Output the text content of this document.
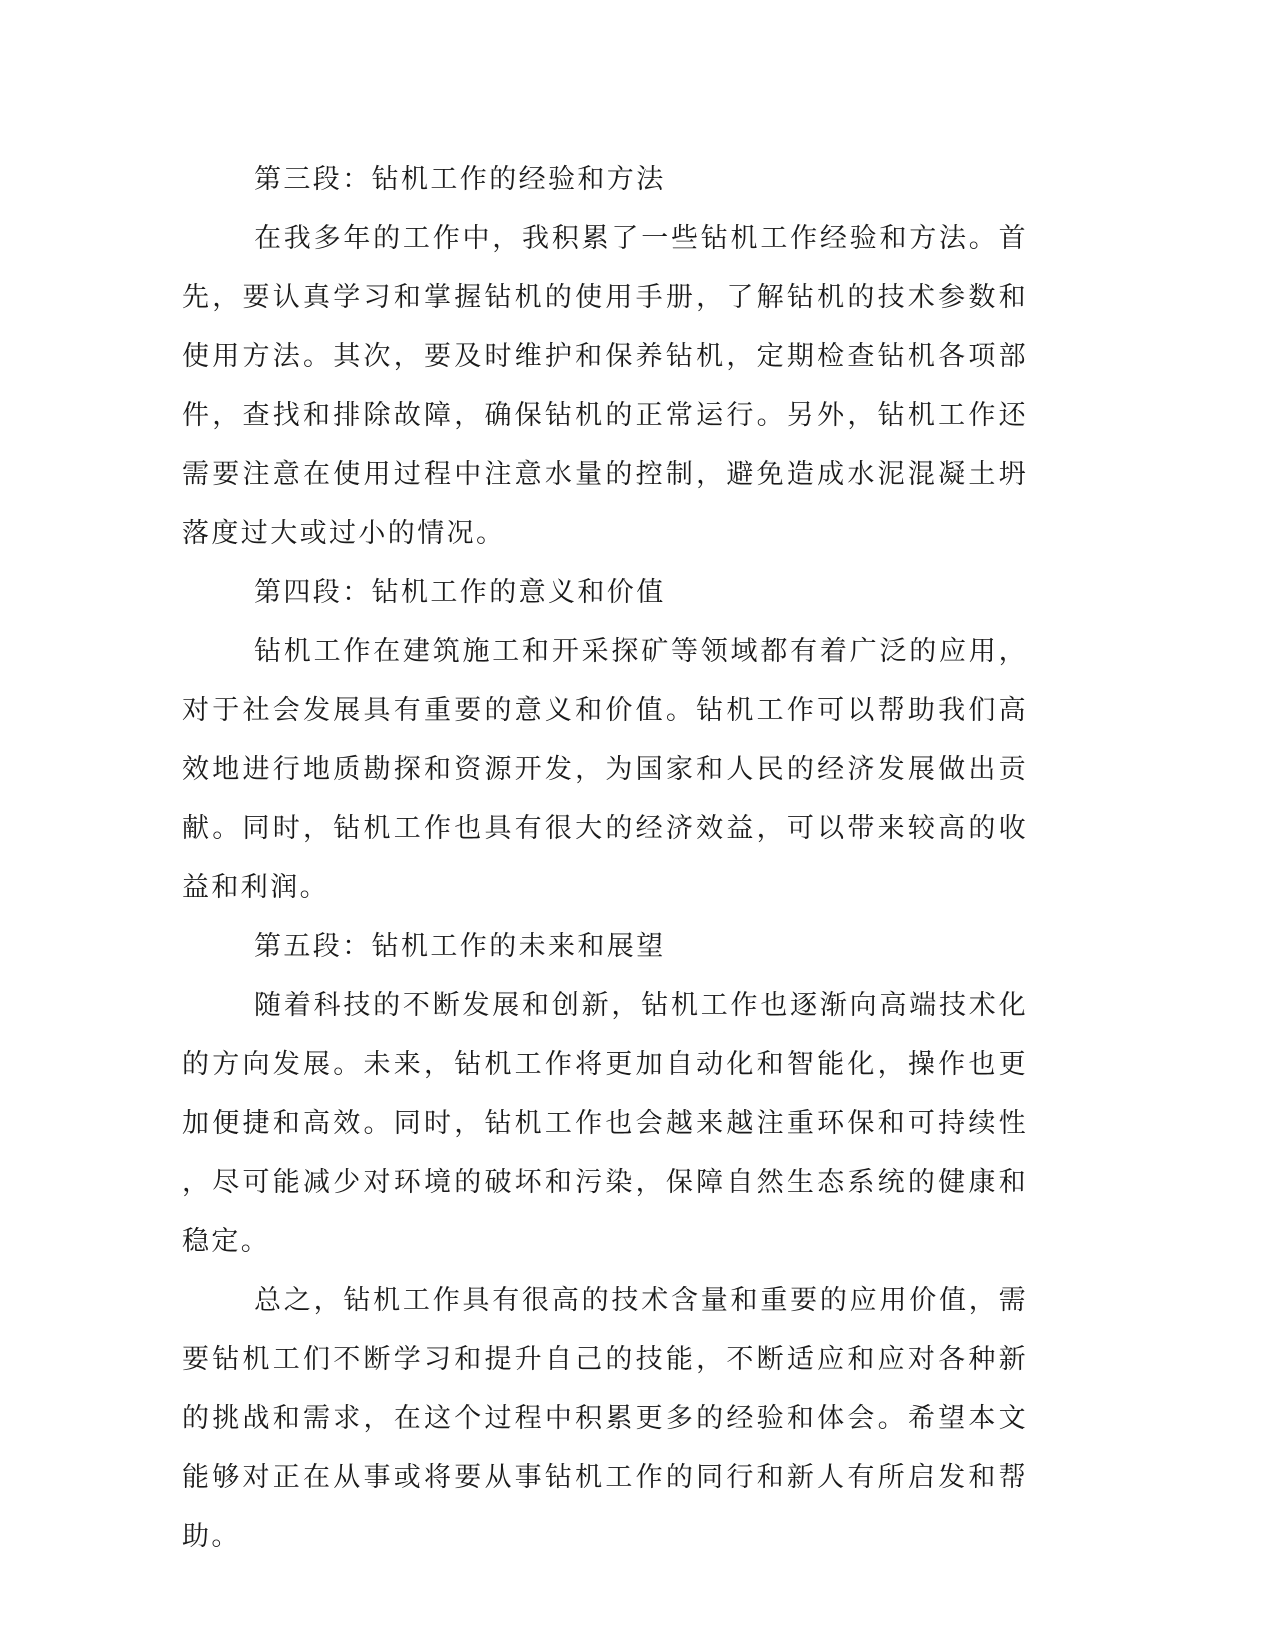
第三段：钻机工作的经验和方法

在我多年的工作中，我积累了一些钻机工作经验和方法。首先，要认真学习和掌握钻机的使用手册，了解钻机的技术参数和使用方法。其次，要及时维护和保养钻机，定期检查钻机各项部件，查找和排除故障，确保钻机的正常运行。另外，钻机工作还需要注意在使用过程中注意水量的控制，避免造成水泥混凝土坍落度过大或过小的情况。

第四段：钻机工作的意义和价值

钻机工作在建筑施工和开采探矿等领域都有着广泛的应用，对于社会发展具有重要的意义和价值。钻机工作可以帮助我们高效地进行地质勘探和资源开发，为国家和人民的经济发展做出贡献。同时，钻机工作也具有很大的经济效益，可以带来较高的收益和利润。

第五段：钻机工作的未来和展望

随着科技的不断发展和创新，钻机工作也逐渐向高端技术化的方向发展。未来，钻机工作将更加自动化和智能化，操作也更加便捷和高效。同时，钻机工作也会越来越注重环保和可持续性，尽可能减少对环境的破坏和污染，保障自然生态系统的健康和稳定。

总之，钻机工作具有很高的技术含量和重要的应用价值，需要钻机工们不断学习和提升自己的技能，不断适应和应对各种新的挑战和需求，在这个过程中积累更多的经验和体会。希望本文能够对正在从事或将要从事钻机工作的同行和新人有所启发和帮助。
